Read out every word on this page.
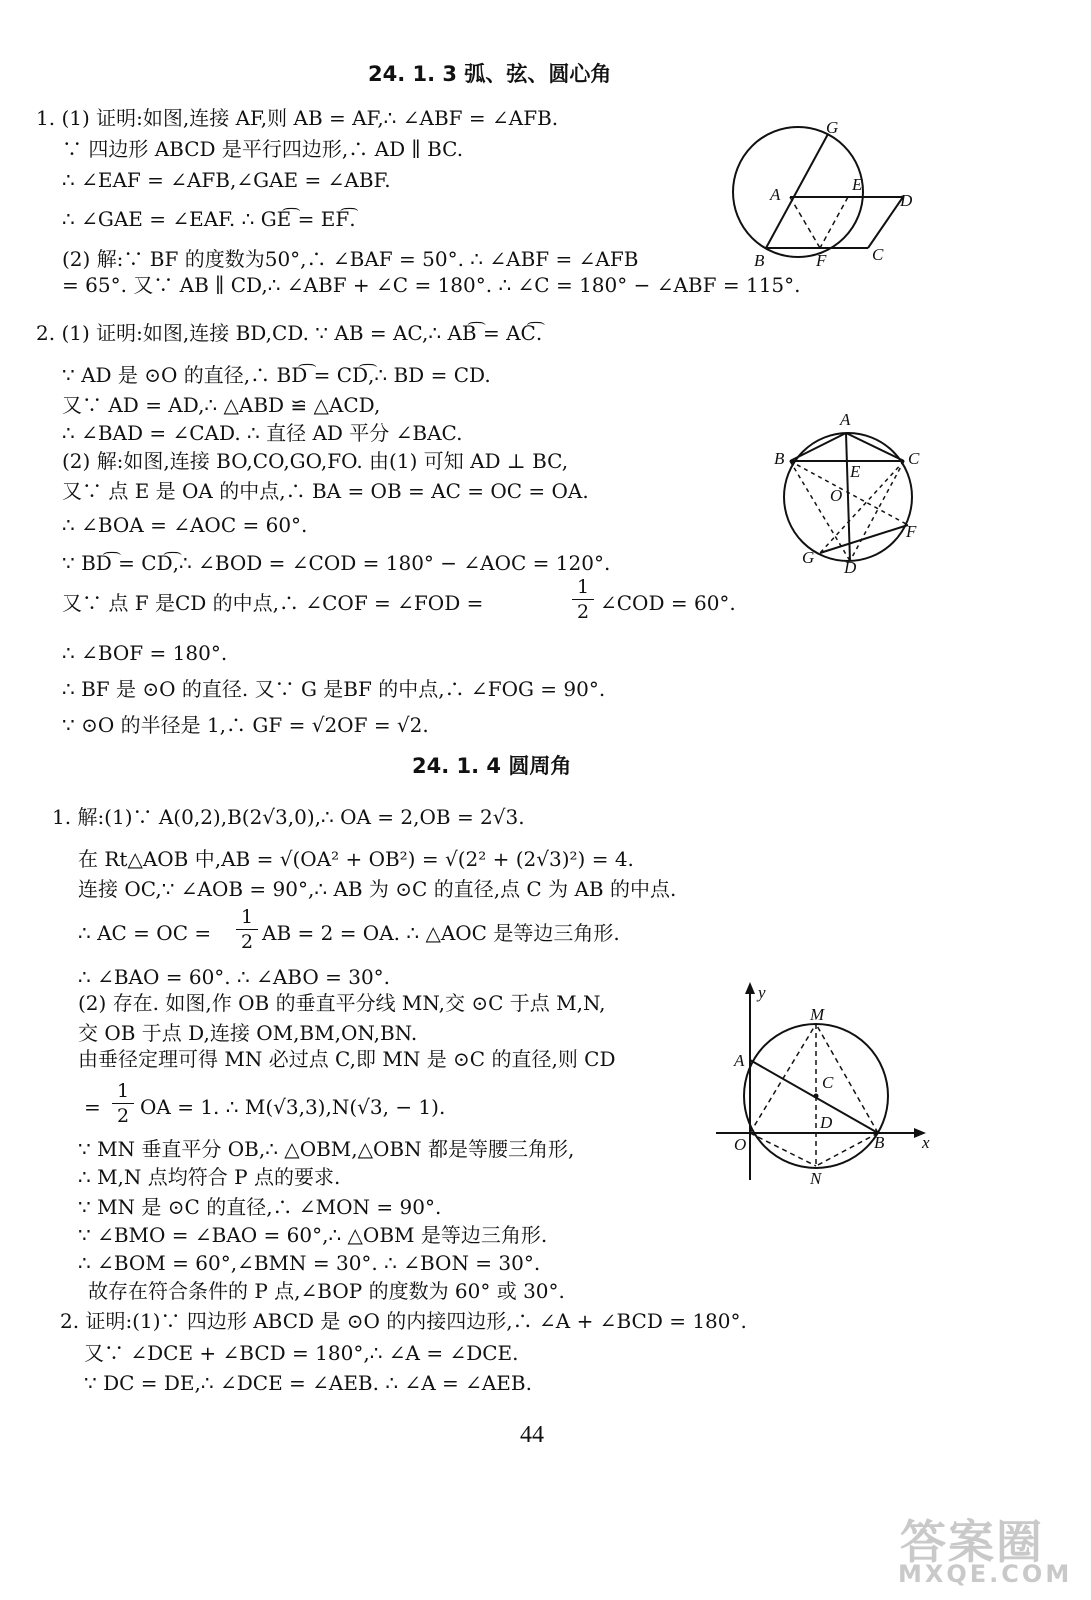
24. 1. 3 弧、弦、圆心角
1. (1) 证明:如图,连接 AF,则 AB = AF,∴ ∠ABF = ∠AFB.
∵ 四边形 ABCD 是平行四边形,∴ AD ∥ BC.
∴ ∠EAF = ∠AFB,∠GAE = ∠ABF.
∴ ∠GAE = ∠EAF. ∴ GE͡ = EF͡.
(2) 解:∵ BF 的度数为50°,∴ ∠BAF = 50°. ∴ ∠ABF = ∠AFB
= 65°. 又∵ AB ∥ CD,∴ ∠ABF + ∠C = 180°. ∴ ∠C = 180° − ∠ABF = 115°.
G
A
E
D
B	F	C
2. (1) 证明:如图,连接 BD,CD. ∵ AB = AC,∴ AB͡ = AC͡.
∵ AD 是 ⊙O 的直径,∴ BD͡ = CD͡,∴ BD = CD.
又∵ AD = AD,∴ △ABD ≌ △ACD,
∴ ∠BAD = ∠CAD. ∴ 直径 AD 平分 ∠BAC.
(2) 解:如图,连接 BO,CO,GO,FO. 由(1) 可知 AD ⊥ BC,
又∵ 点 E 是 OA 的中点,∴ BA = OB = AC = OC = OA.
∴ ∠BOA = ∠AOC = 60°.
∵ BD͡ = CD͡,∴ ∠BOD = ∠COD = 180° − ∠AOC = 120°.
又∵ 点 F 是CD 的中点,∴ ∠COF = ∠FOD =
1
2 ∠COD = 60°.
∴ ∠BOF = 180°.
∴ BF 是 ⊙O 的直径. 又∵ G 是BF 的中点,∴ ∠FOG = 90°.
∵ ⊙O 的半径是 1,∴ GF = √2OF = √2.
A
B	C
E
O
F
G
D
24. 1. 4 圆周角
1. 解:(1)∵ A(0,2),B(2√3,0),∴ OA = 2,OB = 2√3.
在 Rt△AOB 中,AB = √(OA² + OB²) = √(2² + (2√3)²) = 4.
连接 OC,∵ ∠AOB = 90°,∴ AB 为 ⊙C 的直径,点 C 为 AB 的中点.
∴ AC = OC =
1
2 AB = 2 = OA. ∴ △AOC 是等边三角形.
∴ ∠BAO = 60°. ∴ ∠ABO = 30°.
(2) 存在. 如图,作 OB 的垂直平分线 MN,交 ⊙C 于点 M,N,
交 OB 于点 D,连接 OM,BM,ON,BN.
由垂径定理可得 MN 必过点 C,即 MN 是 ⊙C 的直径,则 CD
=
1
2 OA = 1. ∴ M(√3,3),N(√3, − 1).
∵ MN 垂直平分 OB,∴ △OBM,△OBN 都是等腰三角形,
∴ M,N 点均符合 P 点的要求.
∵ MN 是 ⊙C 的直径,∴ ∠MON = 90°.
∵ ∠BMO = ∠BAO = 60°,∴ △OBM 是等边三角形.
∴ ∠BOM = 60°,∠BMN = 30°. ∴ ∠BON = 30°.
故存在符合条件的 P 点,∠BOP 的度数为 60° 或 30°.
2. 证明:(1)∵ 四边形 ABCD 是 ⊙O 的内接四边形,∴ ∠A + ∠BCD = 180°.
又∵ ∠DCE + ∠BCD = 180°,∴ ∠A = ∠DCE.
∵ DC = DE,∴ ∠DCE = ∠AEB. ∴ ∠A = ∠AEB.
y
M
A
C
D
O	B x
N
44
答案圈
MXQE.COM
